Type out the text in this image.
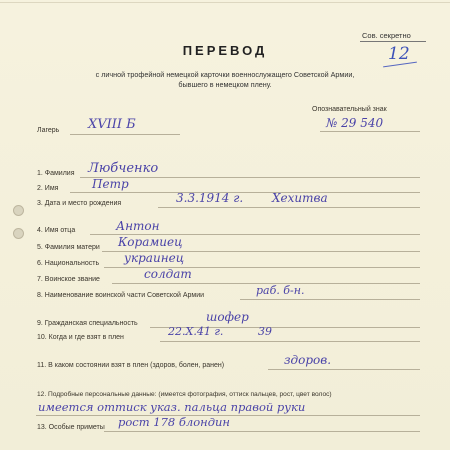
Сов. секретно
12
ПЕРЕВОД
с личной трофейной немецкой карточки военнослужащего Советской Армии,
бывшего в немецком плену.
Лагерь XVIII Б
Опознавательный знак
№ 29 540
1. Фамилия Любченко
2. Имя	Петр
3. Дата и место рождения	3.3.1914 г. Хехитва
4. Имя отца	Антон
5. Фамилия матери Корамиец
6. Национальность украинец
7. Воинское звание	солдат
8. Наименование воинской части Советской Армии	раб. б-н.
9. Гражданская специальность	шофер
10. Когда и где взят в плен	22.X.41 г.	39
11. В каком состоянии взят в плен (здоров, болен, ранен)	здоров.
12. Подробные персональные данные: (имеется фотография, оттиск пальцев, рост, цвет волос)
имеется оттиск указ. пальца правой руки
13. Особые приметы рост 178 блондин
